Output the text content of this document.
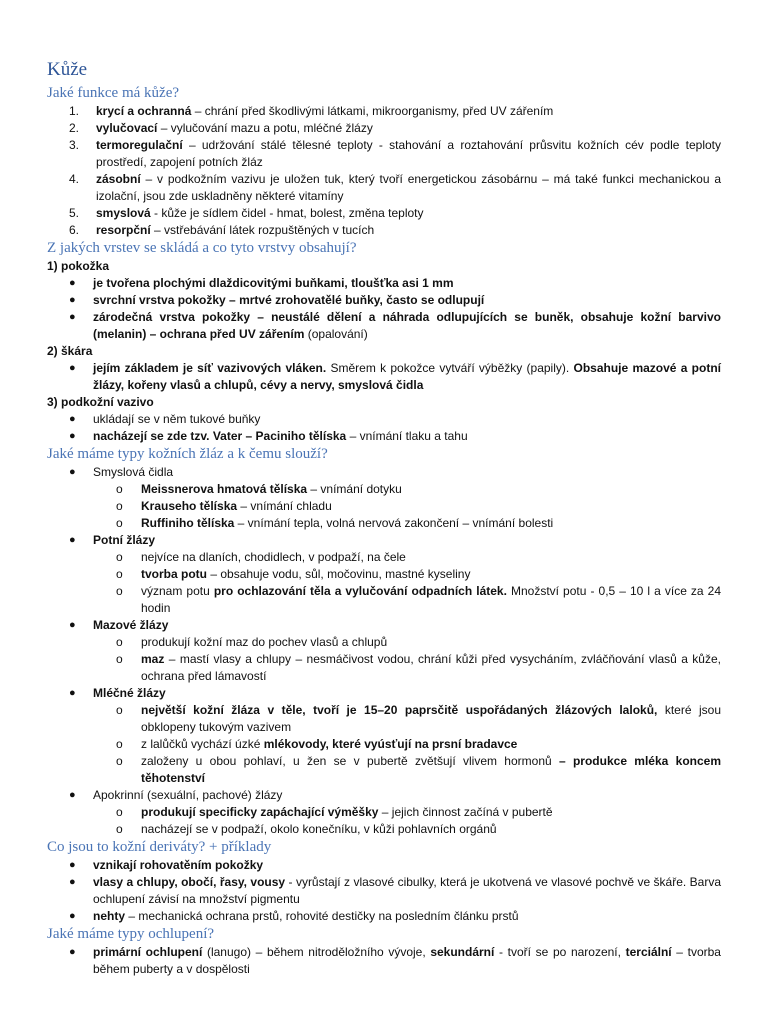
Kůže
Jaké funkce má kůže?
1. krycí a ochranná – chrání před škodlivými látkami, mikroorganismy, před UV zářením
2. vylučovací – vylučování mazu a potu, mléčné žlázy
3. termoregulační – udržování stálé tělesné teploty - stahování a roztahování průsvitu kožních cév podle teploty prostředí, zapojení potních žláz
4. zásobní – v podkožním vazivu je uložen tuk, který tvoří energetickou zásobárnu – má také funkci mechanickou a izolační, jsou zde uskladněny některé vitamíny
5. smyslová - kůže je sídlem čidel - hmat, bolest, změna teploty
6. resorpční – vstřebávání látek rozpuštěných v tucích
Z jakých vrstev se skládá a co tyto vrstvy obsahují?

1) pokožka

● je tvořena plochými dlaždicovitými buňkami, tloušťka asi 1 mm
● svrchní vrstva pokožky – mrtvé zrohovatělé buňky, často se odlupují
● zárodečná vrstva pokožky – neustálé dělení a náhrada odlupujících se buněk, obsahuje kožní barvivo (melanin) – ochrana před UV zářením (opalování)

2) škára

● jejím základem je síť vazivových vláken. Směrem k pokožce vytváří výběžky (papily). Obsahuje mazové a potní žlázy, kořeny vlasů a chlupů, cévy a nervy, smyslová čidla

3) podkožní vazivo

● ukládají se v něm tukové buňky
● nacházejí se zde tzv. Vater – Paciniho tělíska – vnímání tlaku a tahu
Jaké máme typy kožních žláz a k čemu slouží?
● Smyslová čidla
o Meissnerova hmatová tělíska – vnímání dotyku
o Krauseho tělíska – vnímání chladu
o Ruffiniho tělíska – vnímání tepla, volná nervová zakončení – vnímání bolesti
● Potní žlázy
o nejvíce na dlaních, chodidlech, v podpaží, na čele
o tvorba potu – obsahuje vodu, sůl, močovinu, mastné kyseliny
o význam potu pro ochlazování těla a vylučování odpadních látek. Množství potu - 0,5 – 10 l a více za 24 hodin
● Mazové žlázy
o produkují kožní maz do pochev vlasů a chlupů
o maz – mastí vlasy a chlupy – nesmáčivost vodou, chrání kůži před vysycháním, zvláčňování vlasů a kůže, ochrana před lámavostí
● Mléčné žlázy
o největší kožní žláza v těle, tvoří je 15–20 paprsčitě uspořádaných žlázových laloků, které jsou obklopeny tukovým vazivem
o z lalůčků vychází úzké mlékovody, které vyúsťují na prsní bradavce
o založeny u obou pohlaví, u žen se v pubertě zvětšují vlivem hormonů – produkce mléka koncem těhotenství
● Apokrinní (sexuální, pachové) žlázy
o produkují specificky zapáchající výměšky – jejich činnost začíná v pubertě
o nacházejí se v podpaží, okolo konečníku, v kůži pohlavních orgánů
Co jsou to kožní deriváty? + příklady
● vznikají rohovatěním pokožky
● vlasy a chlupy, obočí, řasy, vousy - vyrůstají z vlasové cibulky, která je ukotvená ve vlasové pochvě ve škáře. Barva ochlupení závisí na množství pigmentu
● nehty – mechanická ochrana prstů, rohovité destičky na posledním článku prstů
Jaké máme typy ochlupení?
● primární ochlupení (lanugo) – během nitroděložního vývoje, sekundární - tvoří se po narození, terciální – tvorba během puberty a v dospělosti
